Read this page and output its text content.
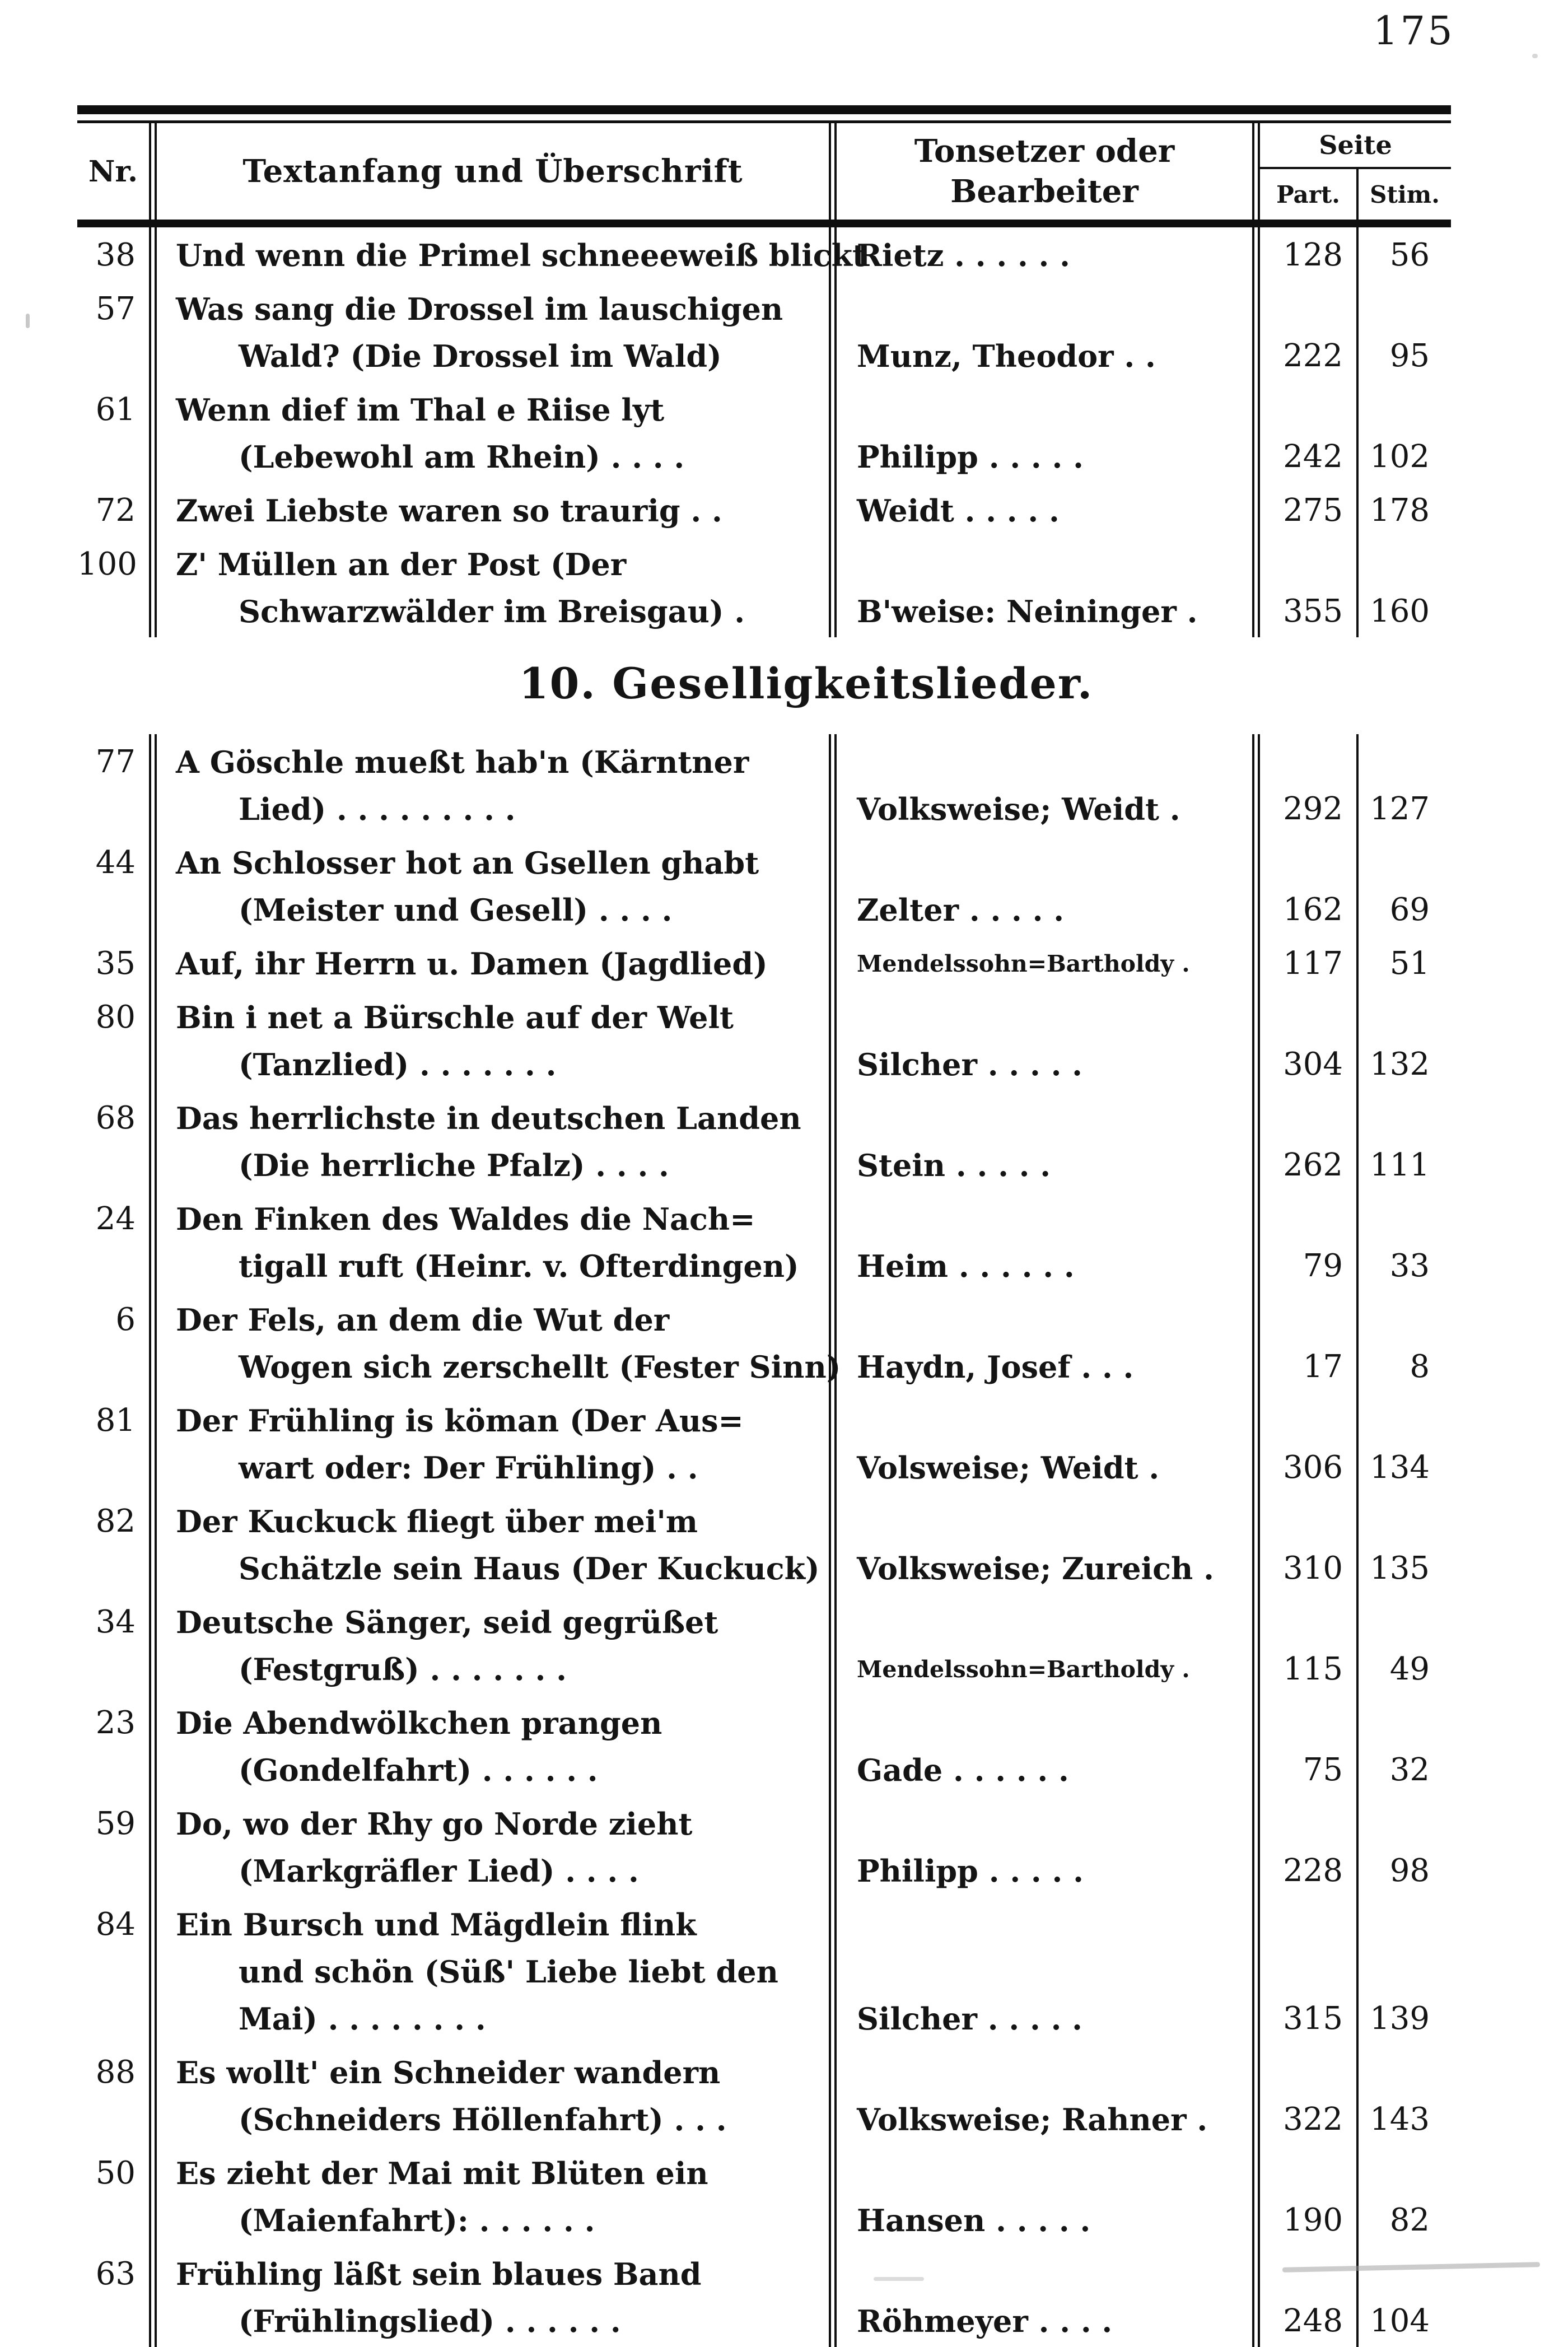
175
Nr.	Textanfang und Überschrift
Tonsetzer oder
Bearbeiter
Seite
Part.	Stim.
38	Und wenn die Primel schneeeweiß blickt
Rietz . . . . . .	128	56
57	Was sang die Drossel im lauschigen
Wald? (Die Drossel im Wald)	Munz, Theodor . .	222	95
61	Wenn dief im Thal e Riise lyt
(Lebewohl am Rhein) . . . .	Philipp . . . . .	242 102
72	Zwei Liebste waren so traurig . .	Weidt . . . . .	275 178
100	Z' Müllen an der Post (Der
Schwarzwälder im Breisgau) .	B'weise: Neininger .	355 160
10. Geselligkeitslieder.
77	A Göschle mueßt hab'n (Kärntner
Lied) . . . . . . . . .	Volksweise; Weidt .	292 127
44	An Schlosser hot an Gsellen ghabt
(Meister und Gesell) . . . .	Zelter . . . . .	162	69
35	Auf, ihr Herrn u. Damen (Jagdlied)	Mendelssohn=Bartholdy .	117	51
80	Bin i net a Bürschle auf der Welt
(Tanzlied) . . . . . . .	Silcher . . . . .	304 132
68	Das herrlichste in deutschen Landen
(Die herrliche Pfalz) . . . .	Stein . . . . .	262 111
24	Den Finken des Waldes die Nach=
tigall ruft (Heinr. v. Ofterdingen)	Heim . . . . . .	79	33
6	Der Fels, an dem die Wut der
Wogen sich zerschellt (Fester Sinn) Haydn, Josef . . .	17	8
81	Der Frühling is köman (Der Aus=
wart oder: Der Frühling) . .	Volsweise; Weidt .	306 134
82	Der Kuckuck fliegt über mei'm
Schätzle sein Haus (Der Kuckuck)	Volksweise; Zureich .	310 135
34	Deutsche Sänger, seid gegrüßet
(Festgruß) . . . . . . .	Mendelssohn=Bartholdy .	115	49
23	Die Abendwölkchen prangen
(Gondelfahrt) . . . . . .	Gade . . . . . .	75	32
59	Do, wo der Rhy go Norde zieht
(Markgräfler Lied) . . . .	Philipp . . . . .	228	98
84	Ein Bursch und Mägdlein flink
und schön (Süß' Liebe liebt den
Mai) . . . . . . . .	Silcher . . . . .	315 139
88	Es wollt' ein Schneider wandern
(Schneiders Höllenfahrt) . . .	Volksweise; Rahner .	322 143
50	Es zieht der Mai mit Blüten ein
(Maienfahrt): . . . . . .	Hansen . . . . .	190	82
63	Frühling läßt sein blaues Band
(Frühlingslied) . . . . . .	Röhmeyer . . . .	248 104
